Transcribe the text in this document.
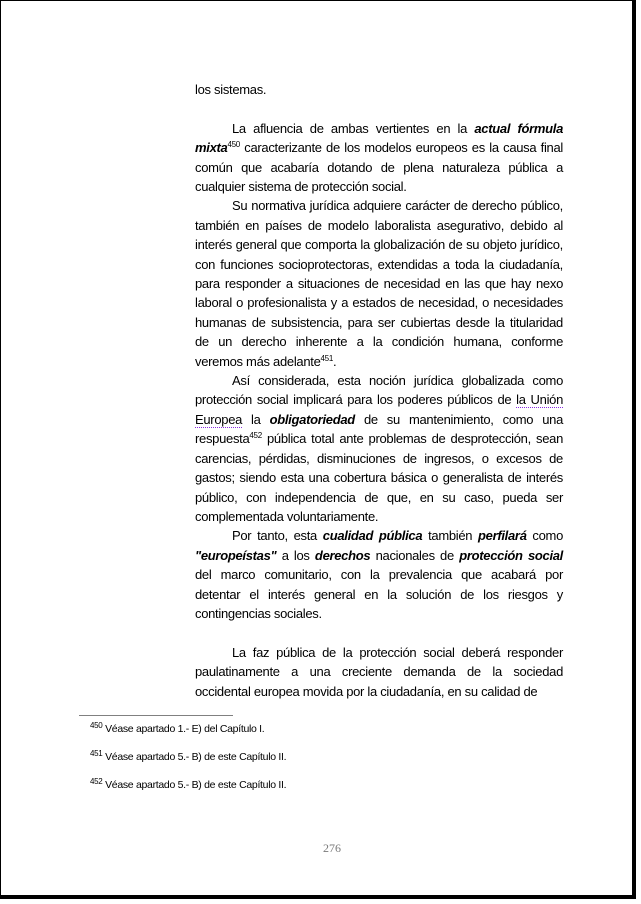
los sistemas.

La afluencia de ambas vertientes en la actual fórmula mixta$^{450}$ caracterizante de los modelos europeos es la causa final común que acabaría dotando de plena naturaleza pública a cualquier sistema de protección social.

Su normativa jurídica adquiere carácter de derecho público, también en países de modelo laboralista asegurativo, debido al interés general que comporta la globalización de su objeto jurídico, con funciones socioprotectoras, extendidas a toda la ciudadanía, para responder a situaciones de necesidad en las que hay nexo laboral o profesionalista y a estados de necesidad, o necesidades humanas de subsistencia, para ser cubiertas desde la titularidad de un derecho inherente a la condición humana, conforme veremos más adelante$^{451}$.

Así considerada, esta noción jurídica globalizada como protección social implicará para los poderes públicos de la Unión Europea la obligatoriedad de su mantenimiento, como una respuesta$^{452}$ pública total ante problemas de desprotección, sean carencias, pérdidas, disminuciones de ingresos, o excesos de gastos; siendo esta una cobertura básica o generalista de interés público, con independencia de que, en su caso, pueda ser complementada voluntariamente.

Por tanto, esta cualidad pública también perfilará como "europeístas" a los derechos nacionales de protección social del marco comunitario, con la prevalencia que acabará por detentar el interés general en la solución de los riesgos y contingencias sociales.

La faz pública de la protección social deberá responder paulatinamente a una creciente demanda de la sociedad occidental europea movida por la ciudadanía, en su calidad de

$^{450}$ Véase apartado 1.- E) del Capítulo I.
$^{451}$ Véase apartado 5.- B) de este Capítulo II.
$^{452}$ Véase apartado 5.- B) de este Capítulo II.
276
